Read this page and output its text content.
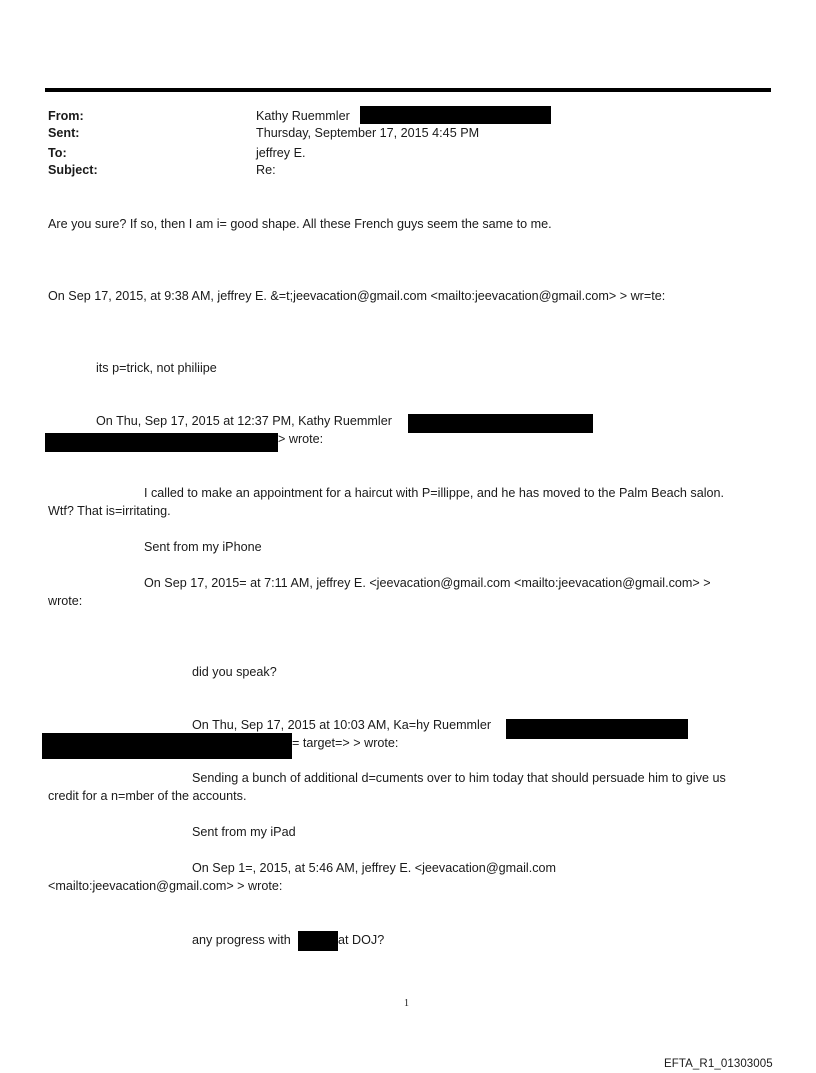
From:	Kathy Ruemmler
Sent:	Thursday, September 17, 2015 4:45 PM
To:	jeffrey E.
Subject:	Re:
Are you sure? If so, then I am i= good shape. All these French guys seem the same to me.
On Sep 17, 2015, at 9:38 AM, jeffrey E. &=t;jeevacation@gmail.com <mailto:jeevacation@gmail.com> > wr=te:
its p=trick, not philiipe
On Thu, Sep 17, 2015 at 12:37 PM, Kathy Ruemmler
> wrote:
I called to make an appointment for a haircut with P=illippe, and he has moved to the Palm Beach salon.
Wtf? That is=irritating.
Sent from my iPhone
On Sep 17, 2015= at 7:11 AM, jeffrey E. <jeevacation@gmail.com <mailto:jeevacation@gmail.com> >
wrote:
did you speak?
On Thu, Sep 17, 2015 at 10:03 AM, Ka=hy Ruemmler
= target=> > wrote:
Sending a bunch of additional d=cuments over to him today that should persuade him to give us
credit for a n=mber of the accounts.
Sent from my iPad
On Sep 1=, 2015, at 5:46 AM, jeffrey E. <jeevacation@gmail.com
<mailto:jeevacation@gmail.com> > wrote:
any progress with	at DOJ?
1
EFTA_R1_01303005
